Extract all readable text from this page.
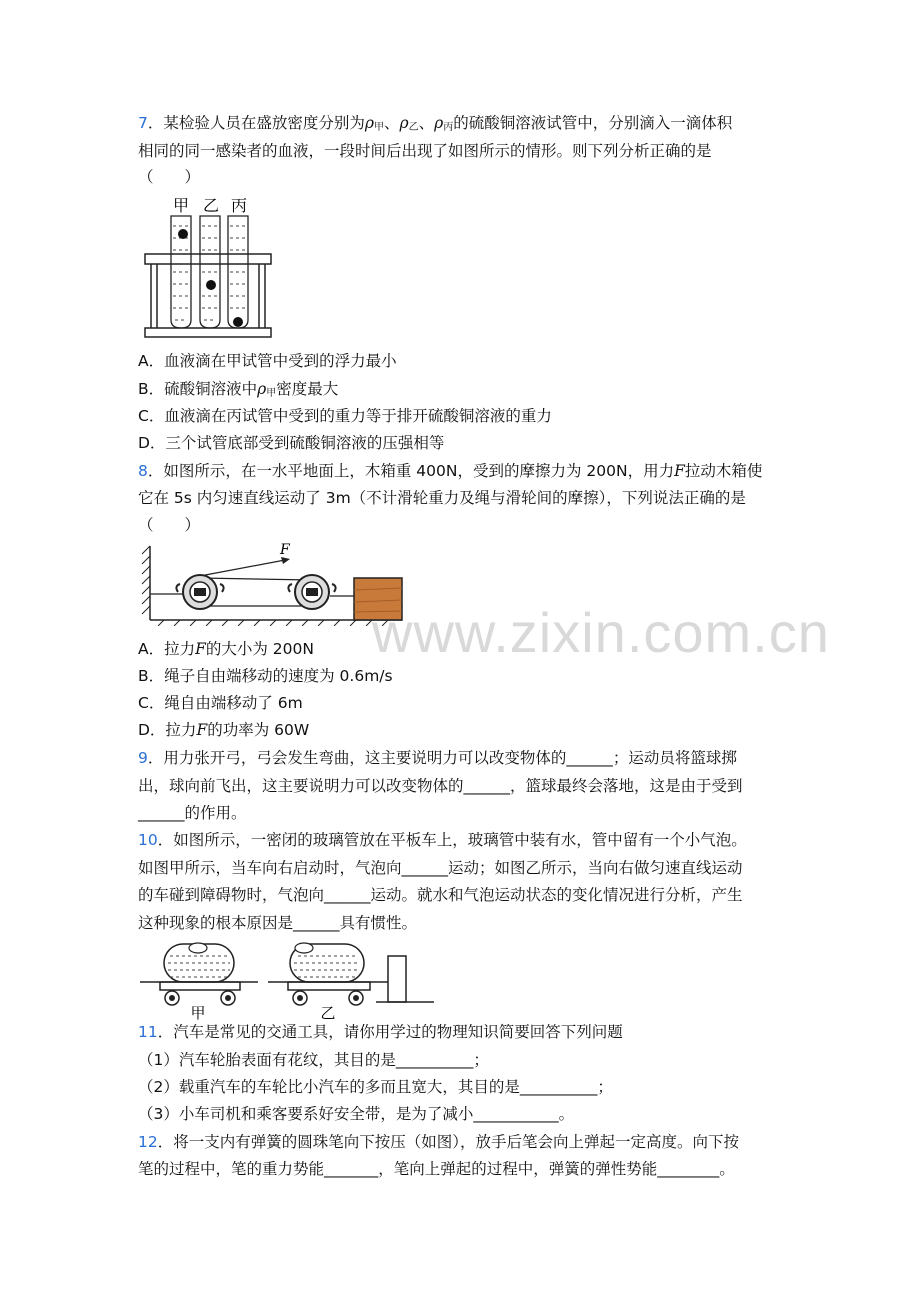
7．某检验人员在盛放密度分别为ρ甲、ρ乙、ρ丙的硫酸铜溶液试管中，分别滴入一滴体积
相同的同一感染者的血液，一段时间后出现了如图所示的情形。则下列分析正确的是
（　　）
甲 乙 丙
A．血液滴在甲试管中受到的浮力最小
B．硫酸铜溶液中ρ甲密度最大
C．血液滴在丙试管中受到的重力等于排开硫酸铜溶液的重力
D．三个试管底部受到硫酸铜溶液的压强相等
8．如图所示，在一水平地面上，木箱重 400N，受到的摩擦力为 200N，用力F拉动木箱使
它在 5s 内匀速直线运动了 3m（不计滑轮重力及绳与滑轮间的摩擦），下列说法正确的是
（　　）
F
www.zixin.com.cn
A．拉力F的大小为 200N
B．绳子自由端移动的速度为 0.6m/s
C．绳自由端移动了 6m
D．拉力F的功率为 60W
9．用力张开弓，弓会发生弯曲，这主要说明力可以改变物体的______；运动员将篮球掷
出，球向前飞出，这主要说明力可以改变物体的______，篮球最终会落地，这是由于受到
______的作用。
10．如图所示，一密闭的玻璃管放在平板车上，玻璃管中装有水，管中留有一个小气泡。
如图甲所示，当车向右启动时，气泡向______运动；如图乙所示，当向右做匀速直线运动
的车碰到障碍物时，气泡向______运动。就水和气泡运动状态的变化情况进行分析，产生
这种现象的根本原因是______具有惯性。
甲	乙
11．汽车是常见的交通工具，请你用学过的物理知识简要回答下列问题
（1）汽车轮胎表面有花纹，其目的是__________；
（2）载重汽车的车轮比小汽车的多而且宽大，其目的是__________；
（3）小车司机和乘客要系好安全带，是为了减小___________。
12．将一支内有弹簧的圆珠笔向下按压（如图），放手后笔会向上弹起一定高度。向下按
笔的过程中，笔的重力势能_______，笔向上弹起的过程中，弹簧的弹性势能________。
